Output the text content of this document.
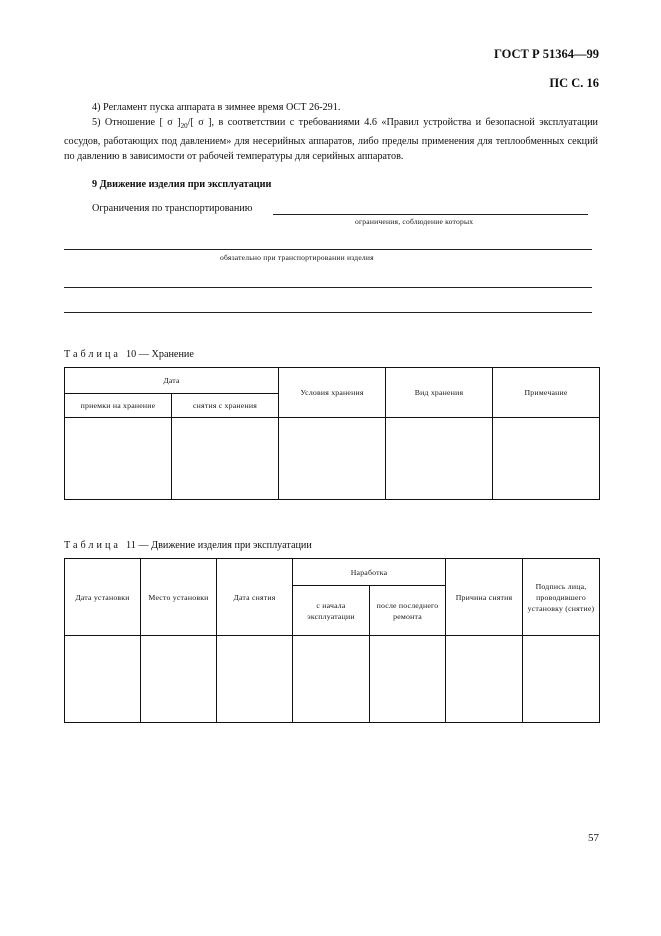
ГОСТ Р 51364—99
ПС С. 16

4) Регламент пуска аппарата в зимнее время ОСТ 26-291.

5) Отношение [ σ ]$_{20}/$[ σ ], в соответствии с требованиями 4.6 «Правил устройства и безопасной эксплуатации сосудов, работающих под давлением» для несерийных аппаратов, либо пределы применения для теплообменных секций по давлению в зависимости от рабочей температуры для серийных аппаратов.

9 Движение изделия при эксплуатации
Ограничения по транспортированию
ограничения, соблюдение которых
обязательно при транспортировании изделия
Таблица 10 — Хранение
Дата		Условия хранения	Вид хранения	Примечание
приемки на хранение	снятия с хранения			

Таблица 11 — Движение изделия при эксплуатации
Дата установки	Место установки	Дата снятия	Наработка		Причина снятия	Подпись лица, проводившего установку (снятие)
			с начала эксплуатации	после последнего ремонта		

57
